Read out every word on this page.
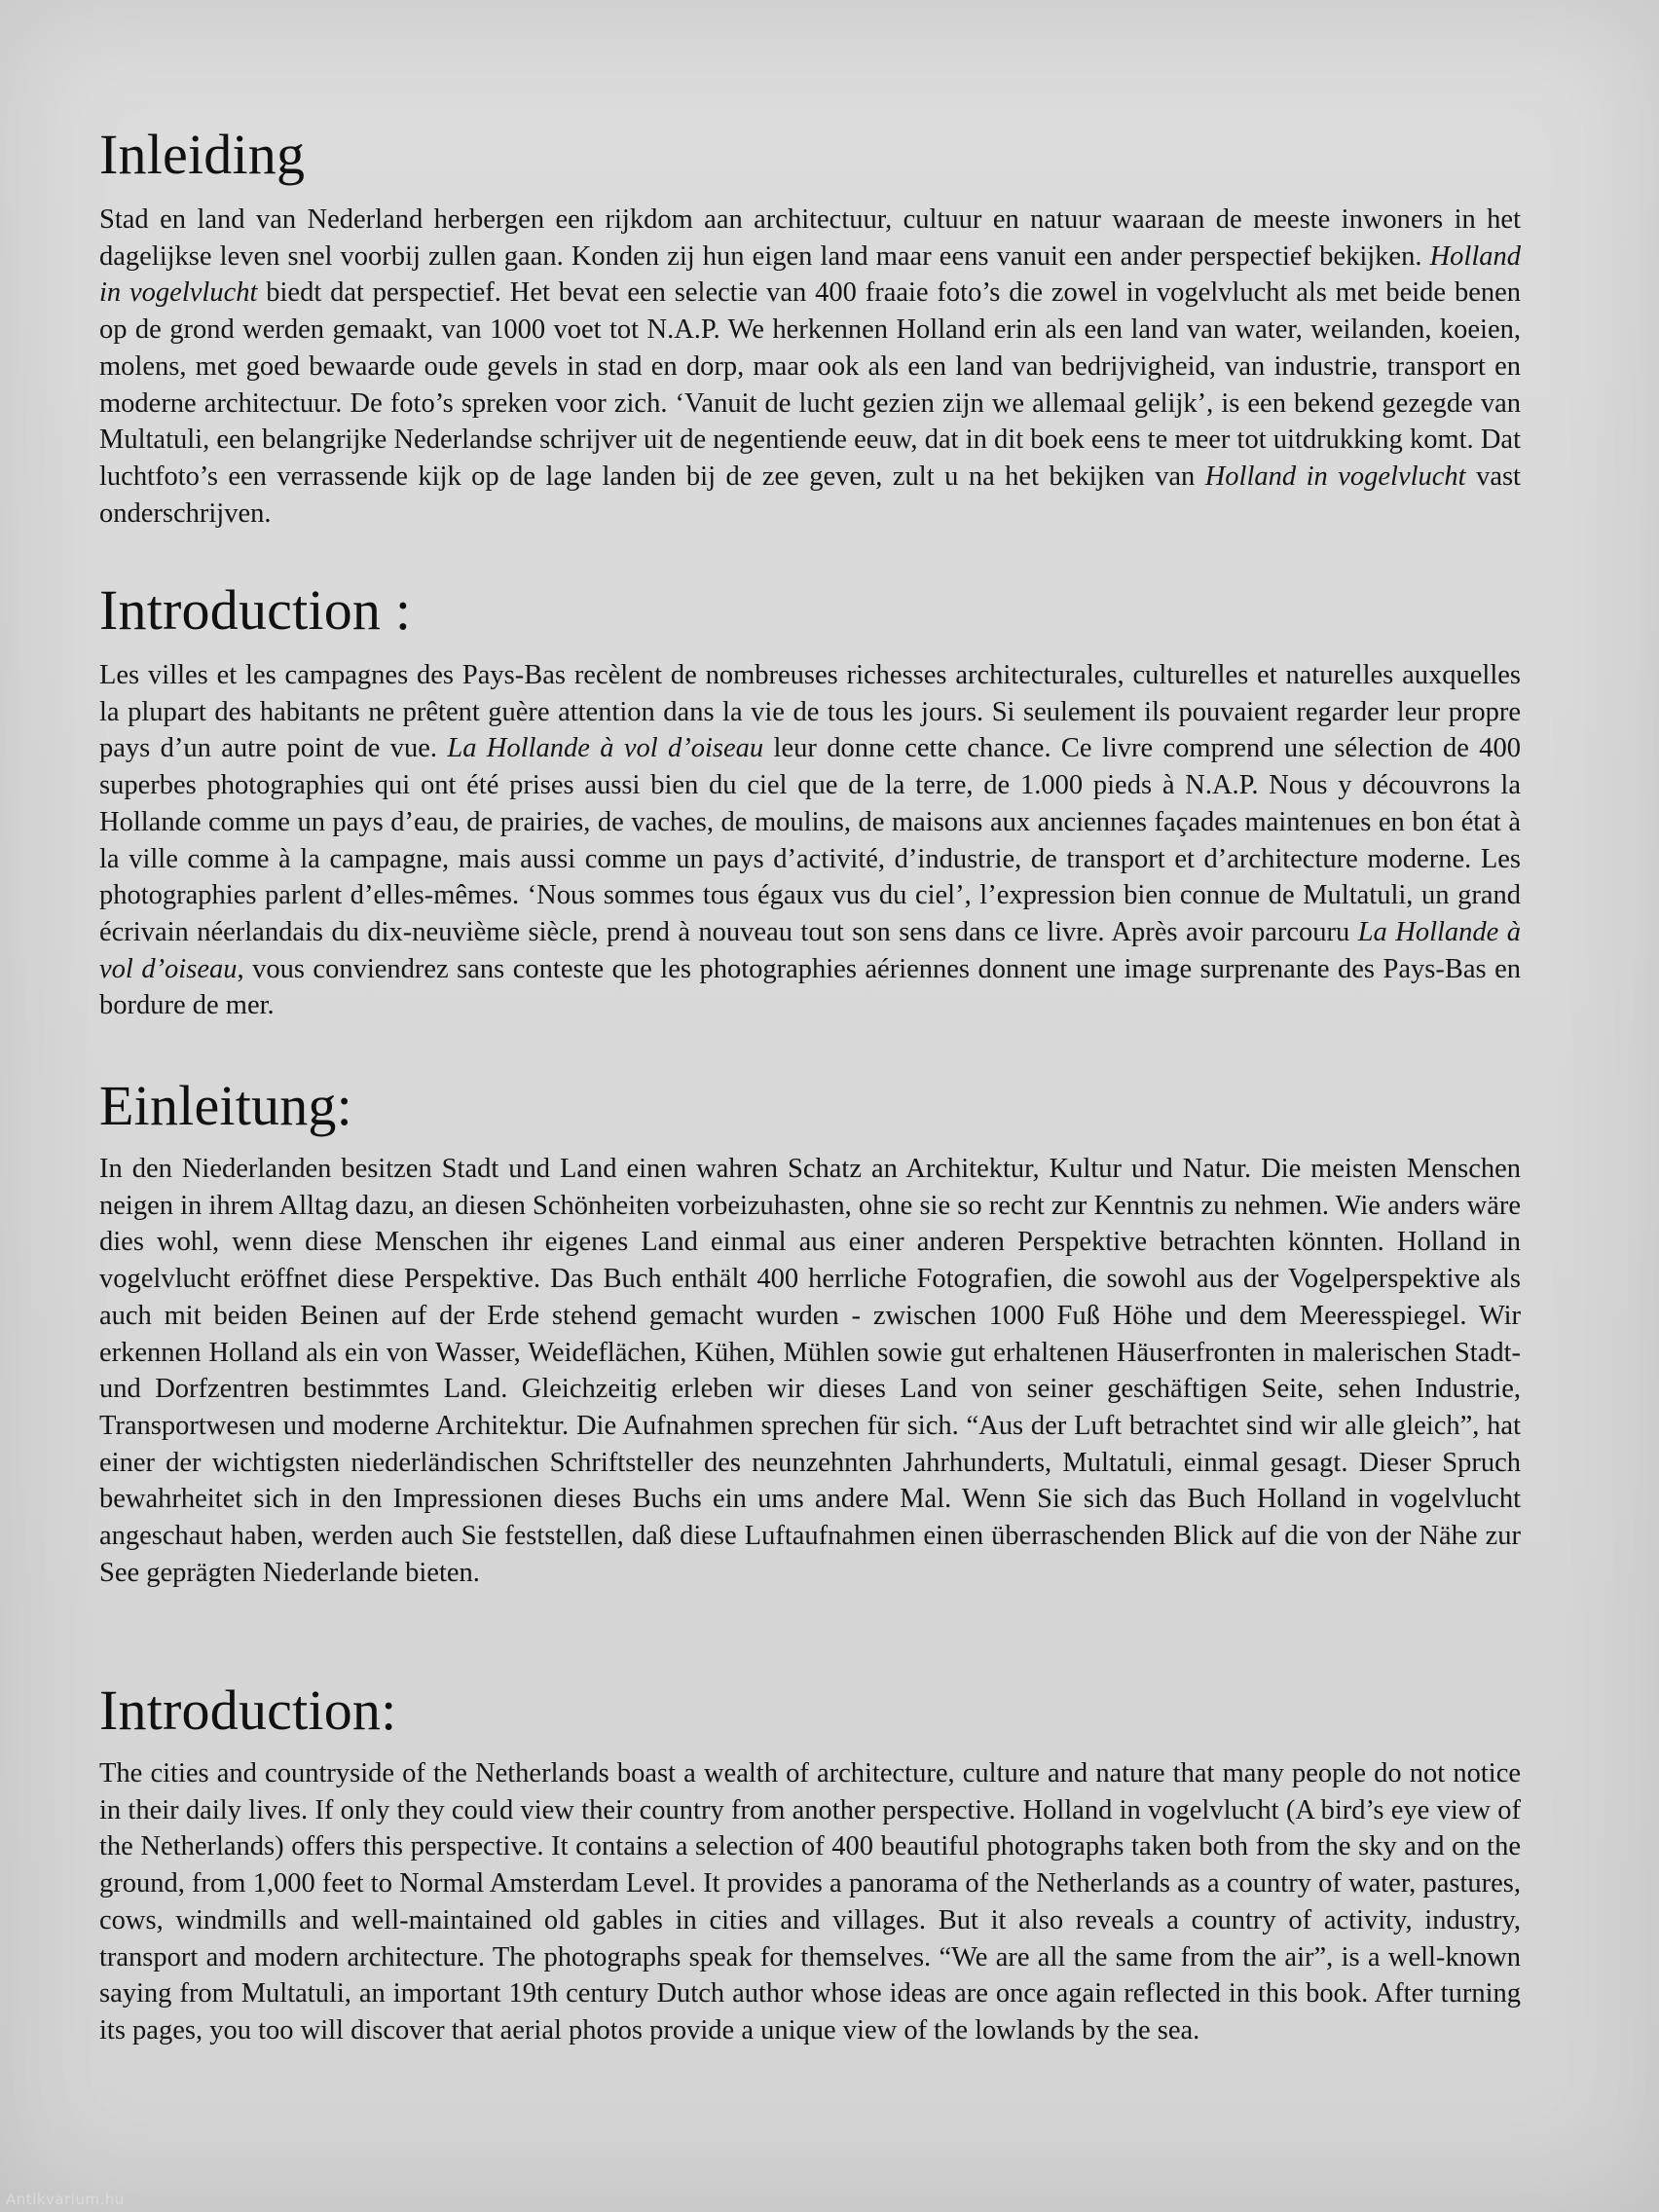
Inleiding

Stad en land van Nederland herbergen een rijkdom aan architectuur, cultuur en natuur waaraan de meeste inwoners in het dagelijkse leven snel voorbij zullen gaan. Konden zij hun eigen land maar eens vanuit een ander perspectief bekijken. Holland in vogelvlucht biedt dat perspectief. Het bevat een selectie van 400 fraaie foto’s die zowel in vogelvlucht als met beide benen op de grond werden gemaakt, van 1000 voet tot N.A.P. We herkennen Holland erin als een land van water, weilanden, koeien, molens, met goed bewaarde oude gevels in stad en dorp, maar ook als een land van bedrijvigheid, van industrie, transport en moderne architectuur. De foto’s spreken voor zich. ‘Vanuit de lucht gezien zijn we allemaal gelijk’, is een bekend gezegde van Multatuli, een belangrijke Nederlandse schrijver uit de negentiende eeuw, dat in dit boek eens te meer tot uitdrukking komt. Dat luchtfoto’s een verrassende kijk op de lage landen bij de zee geven, zult u na het bekijken van Holland in vogelvlucht vast onderschrijven.

Introduction :

Les villes et les campagnes des Pays-Bas recèlent de nombreuses richesses architecturales, culturelles et naturelles auxquelles la plupart des habitants ne prêtent guère attention dans la vie de tous les jours. Si seulement ils pouvaient regarder leur propre pays d’un autre point de vue. La Hollande à vol d’oiseau leur donne cette chance. Ce livre comprend une sélection de 400 superbes photographies qui ont été prises aussi bien du ciel que de la terre, de 1.000 pieds à N.A.P. Nous y découvrons la Hollande comme un pays d’eau, de prairies, de vaches, de moulins, de maisons aux anciennes façades maintenues en bon état à la ville comme à la campagne, mais aussi comme un pays d’activité, d’industrie, de transport et d’architecture moderne. Les photographies parlent d’elles-mêmes. ‘Nous sommes tous égaux vus du ciel’, l’expression bien connue de Multatuli, un grand écrivain néerlandais du dix-neuvième siècle, prend à nouveau tout son sens dans ce livre. Après avoir parcouru La Hollande à vol d’oiseau, vous conviendrez sans conteste que les photographies aériennes donnent une image surprenante des Pays-Bas en bordure de mer.

Einleitung:

In den Niederlanden besitzen Stadt und Land einen wahren Schatz an Architektur, Kultur und Natur. Die meisten Menschen neigen in ihrem Alltag dazu, an diesen Schönheiten vorbeizuhasten, ohne sie so recht zur Kenntnis zu nehmen. Wie anders wäre dies wohl, wenn diese Menschen ihr eigenes Land einmal aus einer anderen Perspektive betrachten könnten. Holland in vogelvlucht eröffnet diese Perspektive. Das Buch enthält 400 herrliche Fotografien, die sowohl aus der Vogelperspektive als auch mit beiden Beinen auf der Erde stehend gemacht wurden - zwischen 1000 Fuß Höhe und dem Meeresspiegel. Wir erkennen Holland als ein von Wasser, Weideflächen, Kühen, Mühlen sowie gut erhaltenen Häuserfronten in malerischen Stadt- und Dorfzentren bestimmtes Land. Gleichzeitig erleben wir dieses Land von seiner geschäftigen Seite, sehen Industrie, Transportwesen und moderne Architektur. Die Aufnahmen sprechen für sich. “Aus der Luft betrachtet sind wir alle gleich”, hat einer der wichtigsten niederländischen Schriftsteller des neunzehnten Jahrhunderts, Multatuli, einmal gesagt. Dieser Spruch bewahrheitet sich in den Impressionen dieses Buchs ein ums andere Mal. Wenn Sie sich das Buch Holland in vogelvlucht angeschaut haben, werden auch Sie feststellen, daß diese Luftaufnahmen einen überraschenden Blick auf die von der Nähe zur See geprägten Niederlande bieten.

Introduction:

The cities and countryside of the Netherlands boast a wealth of architecture, culture and nature that many people do not notice in their daily lives. If only they could view their country from another perspective. Holland in vogelvlucht (A bird’s eye view of the Netherlands) offers this perspective. It contains a selection of 400 beautiful photographs taken both from the sky and on the ground, from 1,000 feet to Normal Amsterdam Level. It provides a panorama of the Netherlands as a country of water, pastures, cows, windmills and well-maintained old gables in cities and villages. But it also reveals a country of activity, industry, transport and modern architecture. The photographs speak for themselves. “We are all the same from the air”, is a well-known saying from Multatuli, an important 19th century Dutch author whose ideas are once again reflected in this book. After turning its pages, you too will discover that aerial photos provide a unique view of the lowlands by the sea.

Antikvarium.hu
